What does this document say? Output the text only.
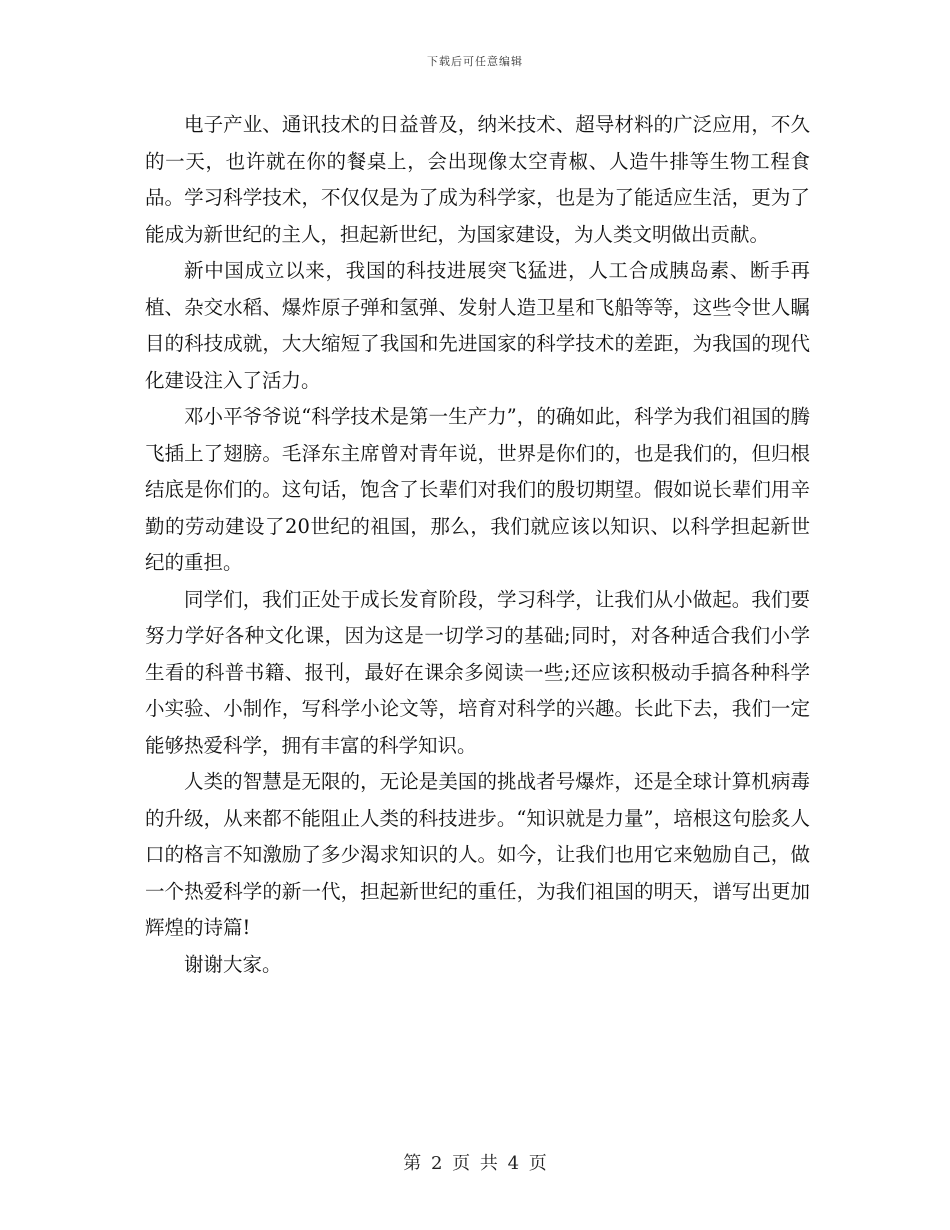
下载后可任意编辑

电子产业、通讯技术的日益普及，纳米技术、超导材料的广泛应用，不久的一天，也许就在你的餐桌上，会出现像太空青椒、人造牛排等生物工程食品。学习科学技术，不仅仅是为了成为科学家，也是为了能适应生活，更为了能成为新世纪的主人，担起新世纪，为国家建设，为人类文明做出贡献。

新中国成立以来，我国的科技进展突飞猛进，人工合成胰岛素、断手再植、杂交水稻、爆炸原子弹和氢弹、发射人造卫星和飞船等等，这些令世人瞩目的科技成就，大大缩短了我国和先进国家的科学技术的差距，为我国的现代化建设注入了活力。

邓小平爷爷说“科学技术是第一生产力”，的确如此，科学为我们祖国的腾飞插上了翅膀。毛泽东主席曾对青年说，世界是你们的，也是我们的，但归根结底是你们的。这句话，饱含了长辈们对我们的殷切期望。假如说长辈们用辛勤的劳动建设了20世纪的祖国，那么，我们就应该以知识、以科学担起新世纪的重担。

同学们，我们正处于成长发育阶段，学习科学，让我们从小做起。我们要努力学好各种文化课，因为这是一切学习的基础;同时，对各种适合我们小学生看的科普书籍、报刊，最好在课余多阅读一些;还应该积极动手搞各种科学小实验、小制作，写科学小论文等，培育对科学的兴趣。长此下去，我们一定能够热爱科学，拥有丰富的科学知识。

人类的智慧是无限的，无论是美国的挑战者号爆炸，还是全球计算机病毒的升级，从来都不能阻止人类的科技进步。“知识就是力量”，培根这句脍炙人口的格言不知激励了多少渴求知识的人。如今，让我们也用它来勉励自己，做一个热爱科学的新一代，担起新世纪的重任，为我们祖国的明天，谱写出更加辉煌的诗篇!

谢谢大家。

第 2 页 共 4 页
